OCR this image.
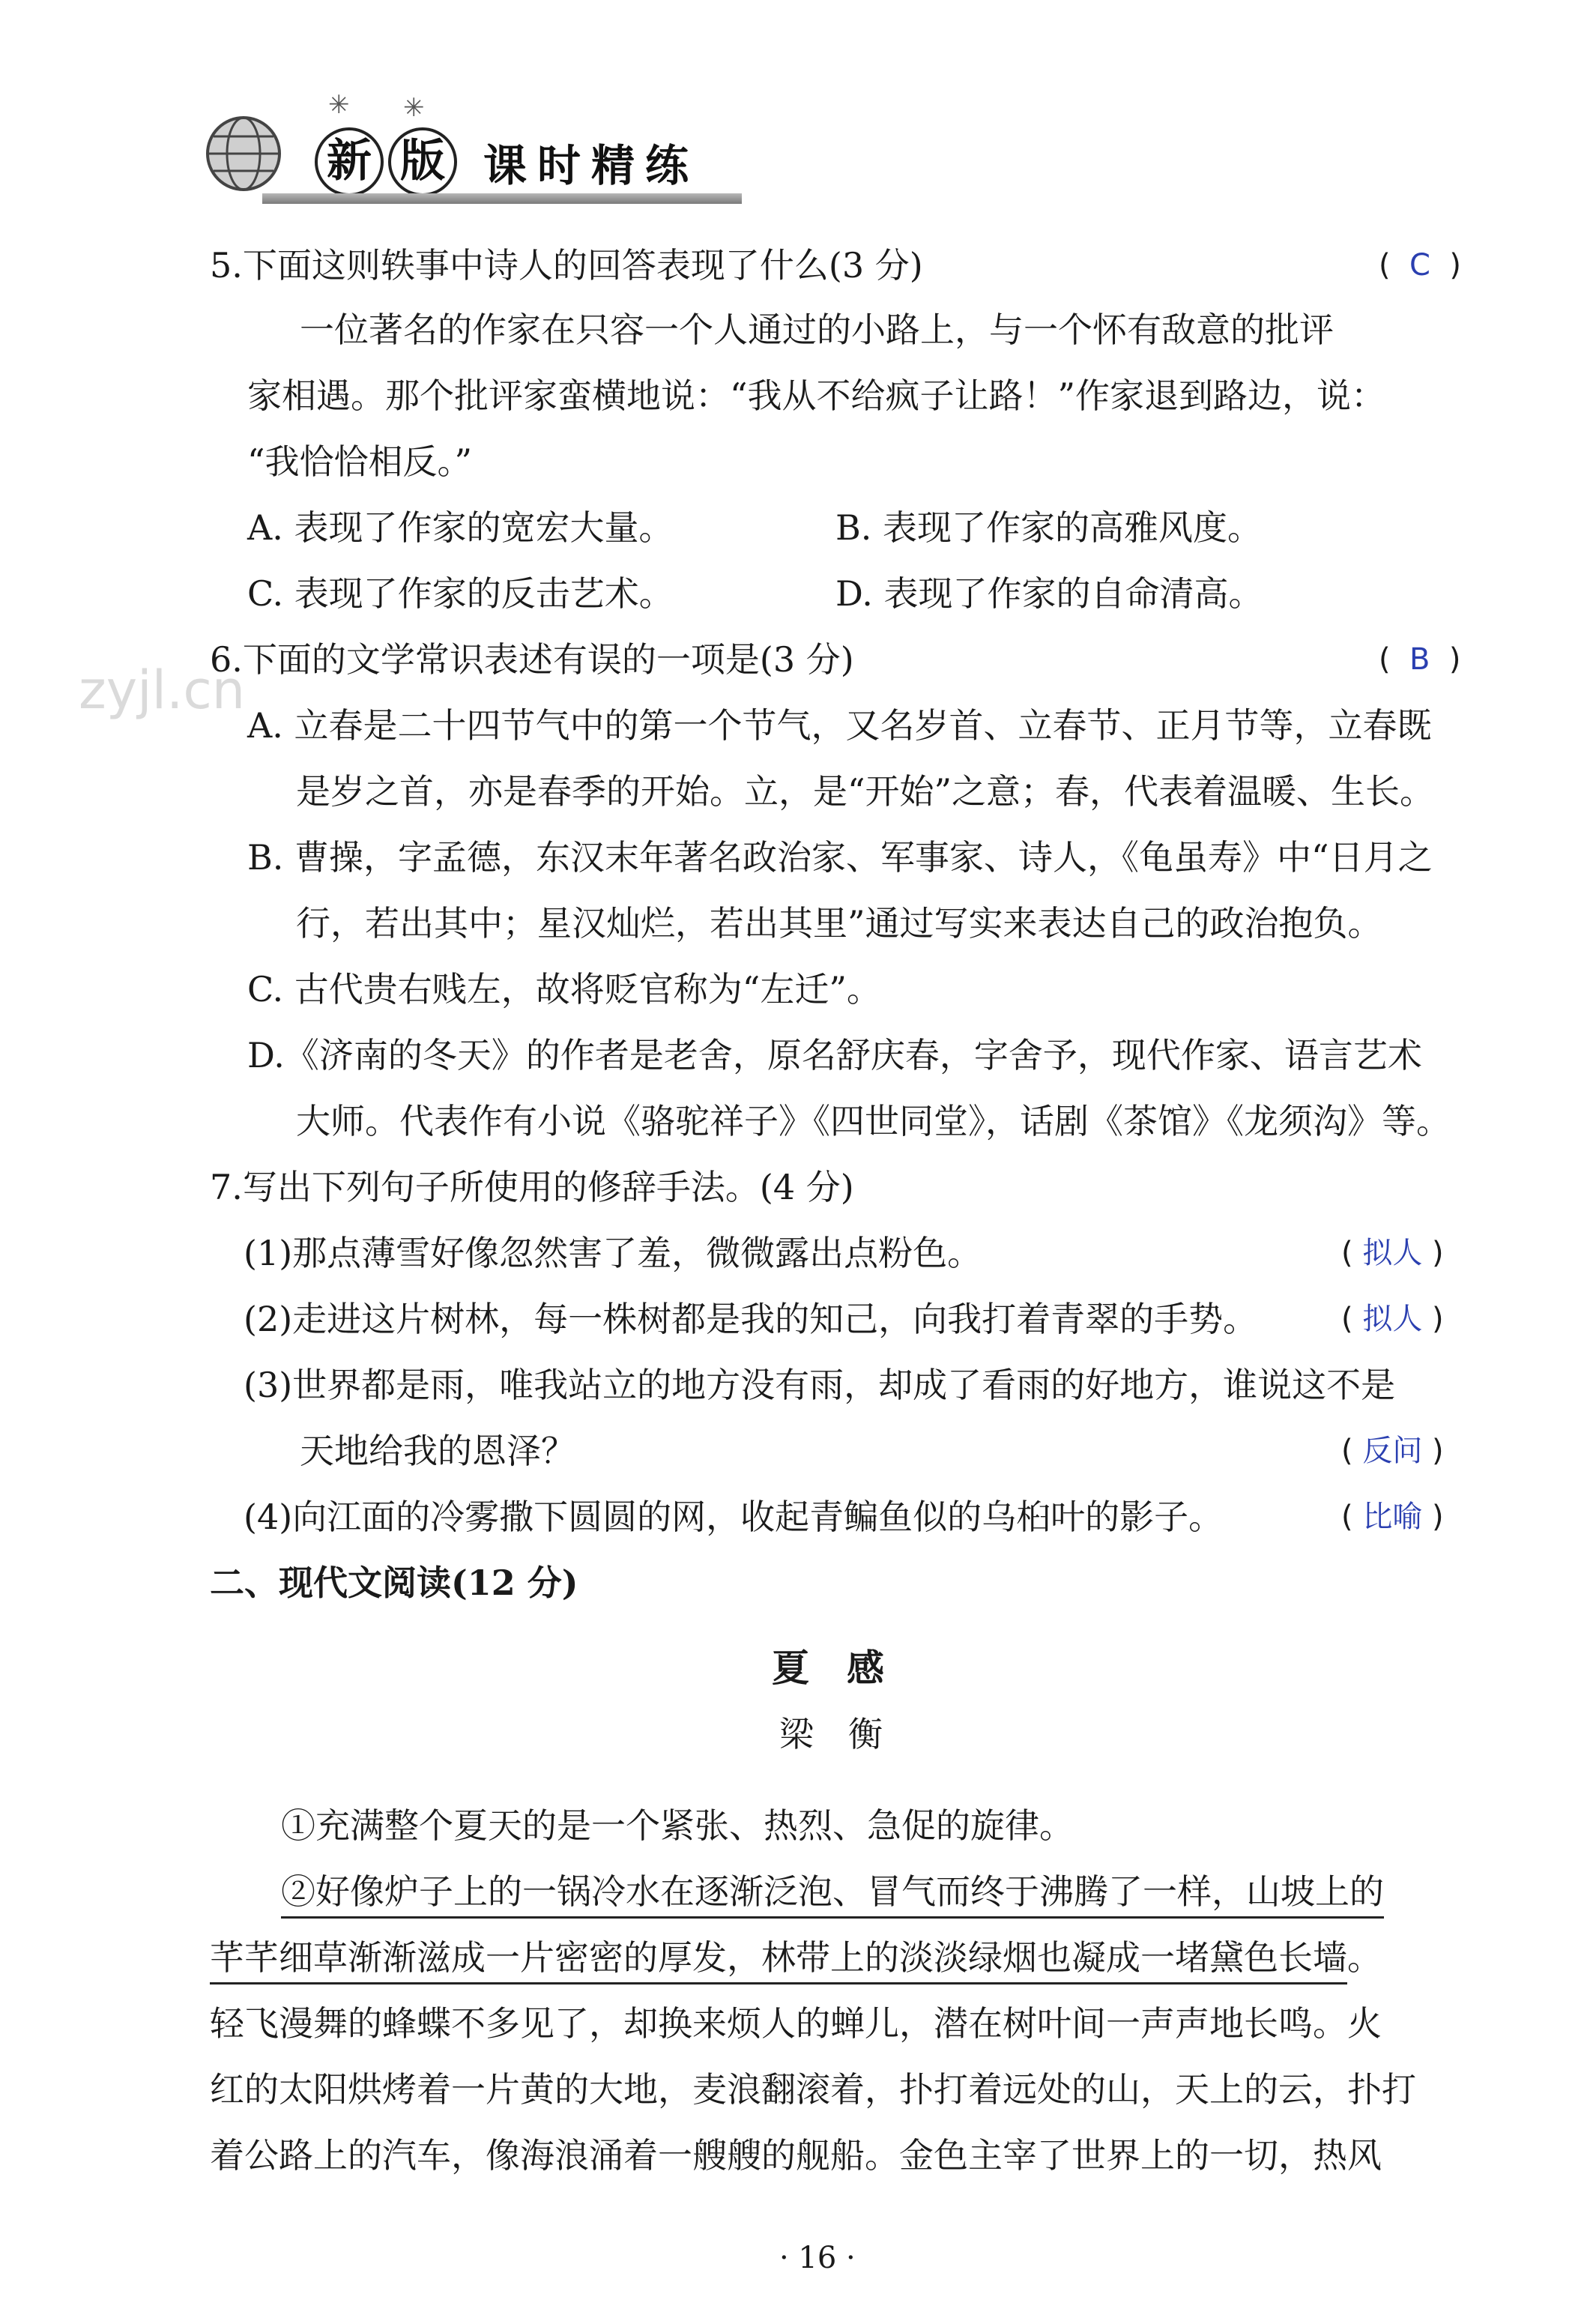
✳ ✳
新 版 课时精练
zyjl.cn
5.下面这则轶事中诗人的回答表现了什么(3 分)	(  C  )
一位著名的作家在只容一个人通过的小路上，与一个怀有敌意的批评
家相遇。那个批评家蛮横地说：“我从不给疯子让路！”作家退到路边，说：
“我恰恰相反。”
A. 表现了作家的宽宏大量。	B. 表现了作家的高雅风度。
C. 表现了作家的反击艺术。	D. 表现了作家的自命清高。
6.下面的文学常识表述有误的一项是(3 分)	(  B  )
A. 立春是二十四节气中的第一个节气，又名岁首、立春节、正月节等，立春既
是岁之首，亦是春季的开始。立，是“开始”之意；春，代表着温暖、生长。
B. 曹操，字孟德，东汉末年著名政治家、军事家、诗人，《龟虽寿》中“日月之
行，若出其中；星汉灿烂，若出其里”通过写实来表达自己的政治抱负。
C. 古代贵右贱左，故将贬官称为“左迁”。
D.《济南的冬天》的作者是老舍，原名舒庆春，字舍予，现代作家、语言艺术
大师。代表作有小说《骆驼祥子》《四世同堂》，话剧《茶馆》《龙须沟》等。
7.写出下列句子所使用的修辞手法。(4 分)
(1)那点薄雪好像忽然害了羞，微微露出点粉色。	( 拟人 )
(2)走进这片树林，每一株树都是我的知己，向我打着青翠的手势。	( 拟人 )
(3)世界都是雨，唯我站立的地方没有雨，却成了看雨的好地方，谁说这不是
天地给我的恩泽？	( 反问 )
(4)向江面的冷雾撒下圆圆的网，收起青鳊鱼似的乌桕叶的影子。	( 比喻 )
二、现代文阅读(12 分)
夏　感
梁　衡
①充满整个夏天的是一个紧张、热烈、急促的旋律。
②好像炉子上的一锅冷水在逐渐泛泡、冒气而终于沸腾了一样，山坡上的
芊芊细草渐渐滋成一片密密的厚发，林带上的淡淡绿烟也凝成一堵黛色长墙。
轻飞漫舞的蜂蝶不多见了，却换来烦人的蝉儿，潜在树叶间一声声地长鸣。火
红的太阳烘烤着一片黄的大地，麦浪翻滚着，扑打着远处的山，天上的云，扑打
着公路上的汽车，像海浪涌着一艘艘的舰船。金色主宰了世界上的一切，热风
· 16 ·
